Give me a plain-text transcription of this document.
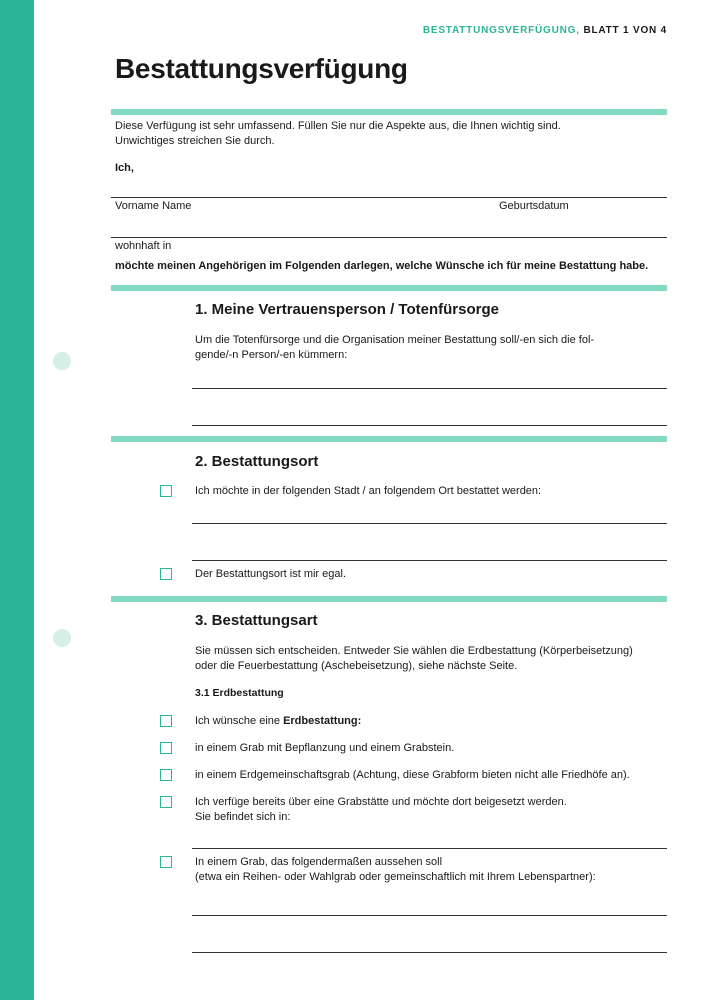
BESTATTUNGSVERFÜGUNG, BLATT 1 VON 4
Bestattungsverfügung

Diese Verfügung ist sehr umfassend. Füllen Sie nur die Aspekte aus, die Ihnen wichtig sind.

Unwichtiges streichen Sie durch.

Ich,

Vorname Name	Geburtsdatum

wohnhaft in

möchte meinen Angehörigen im Folgenden darlegen, welche Wünsche ich für meine Bestattung habe.

1. Meine Vertrauensperson / Totenfürsorge

Um die Totenfürsorge und die Organisation meiner Bestattung soll/-en sich die fol-

gende/-n Person/-en kümmern:

2. Bestattungsort

Ich möchte in der folgenden Stadt / an folgendem Ort bestattet werden:

Der Bestattungsort ist mir egal.

3. Bestattungsart

Sie müssen sich entscheiden. Entweder Sie wählen die Erdbestattung (Körperbeisetzung)

oder die Feuerbestattung (Aschebeisetzung), siehe nächste Seite.

3.1 Erdbestattung

Ich wünsche eine Erdbestattung:

in einem Grab mit Bepflanzung und einem Grabstein.

in einem Erdgemeinschaftsgrab (Achtung, diese Grabform bieten nicht alle Friedhöfe an).

Ich verfüge bereits über eine Grabstätte und möchte dort beigesetzt werden.

Sie befindet sich in:

In einem Grab, das folgendermaßen aussehen soll

(etwa ein Reihen- oder Wahlgrab oder gemeinschaftlich mit Ihrem Lebenspartner):
